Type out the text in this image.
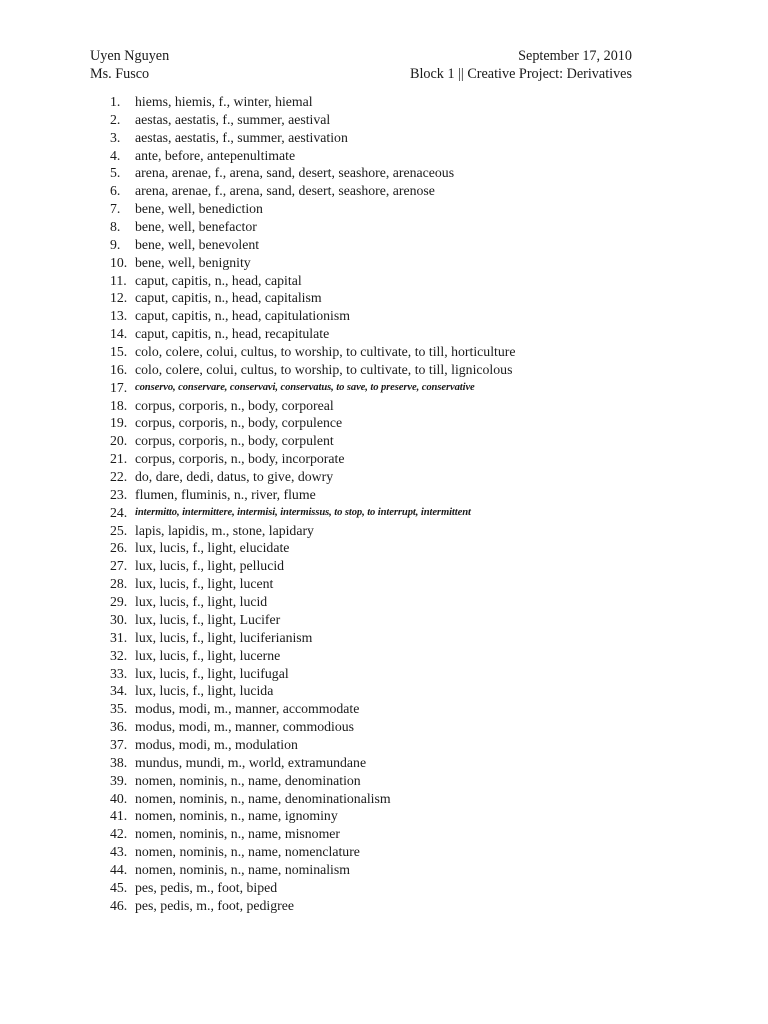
Uyen Nguyen	September 17, 2010
Ms. Fusco	Block 1 || Creative Project: Derivatives
1.	hiems, hiemis, f., winter, hiemal
2.	aestas, aestatis, f., summer, aestival
3.	aestas, aestatis, f., summer, aestivation
4.	ante, before, antepenultimate
5.	arena, arenae, f., arena, sand, desert, seashore, arenaceous
6.	arena, arenae, f., arena, sand, desert, seashore, arenose
7.	bene, well, benediction
8.	bene, well, benefactor
9.	bene, well, benevolent
10. bene, well, benignity
11. caput, capitis, n., head, capital
12. caput, capitis, n., head, capitalism
13. caput, capitis, n., head, capitulationism
14. caput, capitis, n., head, recapitulate
15. colo, colere, colui, cultus, to worship, to cultivate, to till, horticulture
16. colo, colere, colui, cultus, to worship, to cultivate, to till, lignicolous
17. conservo, conservare, conservavi, conservatus, to save, to preserve, conservative
18. corpus, corporis, n., body, corporeal
19. corpus, corporis, n., body, corpulence
20. corpus, corporis, n., body, corpulent
21. corpus, corporis, n., body, incorporate
22. do, dare, dedi, datus, to give, dowry
23. flumen, fluminis, n., river, flume
24. intermitto, intermittere, intermisi, intermissus, to stop, to interrupt, intermittent
25. lapis, lapidis, m., stone, lapidary
26. lux, lucis, f., light, elucidate
27. lux, lucis, f., light, pellucid
28. lux, lucis, f., light, lucent
29. lux, lucis, f., light, lucid
30. lux, lucis, f., light, Lucifer
31. lux, lucis, f., light, luciferianism
32. lux, lucis, f., light, lucerne
33. lux, lucis, f., light, lucifugal
34. lux, lucis, f., light, lucida
35. modus, modi, m., manner, accommodate
36. modus, modi, m., manner, commodious
37. modus, modi, m., modulation
38. mundus, mundi, m., world, extramundane
39. nomen, nominis, n., name, denomination
40. nomen, nominis, n., name, denominationalism
41. nomen, nominis, n., name, ignominy
42. nomen, nominis, n., name, misnomer
43. nomen, nominis, n., name, nomenclature
44. nomen, nominis, n., name, nominalism
45. pes, pedis, m., foot, biped
46. pes, pedis, m., foot, pedigree
